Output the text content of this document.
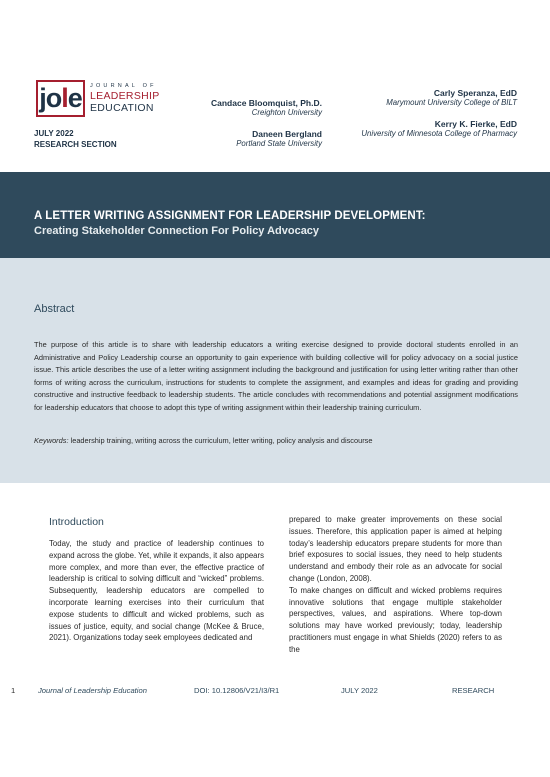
jo l e JOURNAL OF
LEADERSHIP
EDUCATION
JULY 2022
RESEARCH SECTION
Candace Bloomquist, Ph.D.
Creighton University
Daneen Bergland
Portland State University
Carly Speranza, EdD
Marymount University College of BILT
Kerry K. Fierke, EdD
University of Minnesota College of Pharmacy
A LETTER WRITING ASSIGNMENT FOR LEADERSHIP DEVELOPMENT:
Creating Stakeholder Connection For Policy Advocacy
Abstract
The purpose of this article is to share with leadership educators a writing exercise designed to provide doctoral students enrolled in an Administrative and Policy Leadership course an opportunity to gain experience with building collective will for policy advocacy on a social justice issue. This article describes the use of a letter writing assignment including the background and justification for using letter writing rather than other forms of writing across the curriculum, instructions for students to complete the assignment, and examples and ideas for grading and providing constructive and instructive feedback to leadership students. The article concludes with recommendations and potential assignment modifications for leadership educators that choose to adopt this type of writing assignment within their leadership training curriculum.
Keywords: leadership training, writing across the curriculum, letter writing, policy analysis and discourse
Introduction

Today, the study and practice of leadership continues to expand across the globe. Yet, while it expands, it also appears more complex, and more than ever, the effective practice of leadership is critical to solving difficult and “wicked” problems. Subsequently, leadership educators are compelled to incorporate learning exercises into their curriculum that expose students to difficult and wicked problems, such as issues of justice, equity, and social change (McKee & Bruce, 2021). Organizations today seek employees dedicated and

prepared to make greater improvements on these social issues. Therefore, this application paper is aimed at helping today’s leadership educators prepare students for more than brief exposures to social issues, they need to help students understand and embody their role as an advocate for social change (London, 2008).

To make changes on difficult and wicked problems requires innovative solutions that engage multiple stakeholder perspectives, values, and aspirations. Where top-down solutions may have worked previously; today, leadership practitioners must engage in what Shields (2020) refers to as the

1	Journal of Leadership Education	DOI: 10.12806/V21/I3/R1	JULY 2022	RESEARCH
